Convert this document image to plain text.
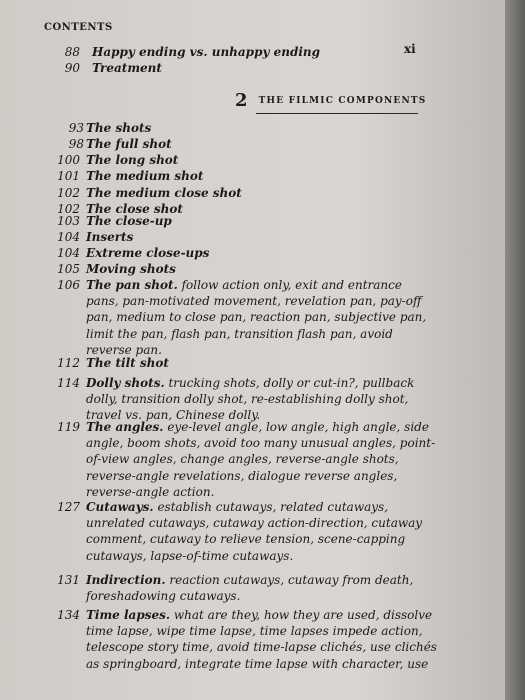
CONTENTS
xi
88 Happy ending vs. unhappy ending
90 Treatment
2 THE FILMIC COMPONENTS
93 The shots
98 The full shot
100 The long shot
101 The medium shot
102 The medium close shot
102 The close shot
103 The close-up
104 Inserts
104 Extreme close-ups
105 Moving shots
106 The pan shot. follow action only, exit and entrance pans, pan-motivated movement, revelation pan, pay-off pan, medium to close pan, reaction pan, subjective pan, limit the pan, flash pan, transition flash pan, avoid reverse pan.
112 The tilt shot
114 Dolly shots. trucking shots, dolly or cut-in?, pullback dolly, transition dolly shot, re-establishing dolly shot, travel vs. pan, Chinese dolly.
119 The angles. eye-level angle, low angle, high angle, side angle, boom shots, avoid too many unusual angles, point-of-view angles, change angles, reverse-angle shots, reverse-angle revelations, dialogue reverse angles, reverse-angle action.
127 Cutaways. establish cutaways, related cutaways, unrelated cutaways, cutaway action-direction, cutaway comment, cutaway to relieve tension, scene-capping cutaways, lapse-of-time cutaways.
131 Indirection. reaction cutaways, cutaway from death, foreshadowing cutaways.
134 Time lapses. what are they, how they are used, dissolve time lapse, wipe time lapse, time lapses impede action, telescope story time, avoid time-lapse clichés, use clichés as springboard, integrate time lapse with character, use
